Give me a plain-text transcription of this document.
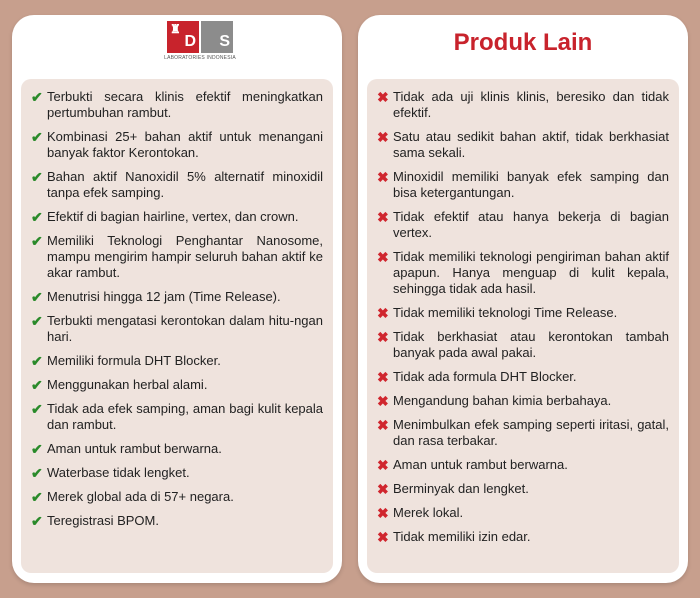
♜
D S
LABORATORIES INDONESIA
✔ Terbukti secara klinis efektif meningkatkan pertumbuhan rambut.
✔ Kombinasi 25+ bahan aktif untuk menangani banyak faktor Kerontokan.
✔ Bahan aktif Nanoxidil 5% alternatif minoxidil tanpa efek samping.
✔ Efektif di bagian hairline, vertex, dan crown.
✔ Memiliki Teknologi Penghantar Nanosome, mampu mengirim hampir seluruh bahan aktif ke akar rambut.
✔ Menutrisi hingga 12 jam (Time Release).
✔ Terbukti mengatasi kerontokan dalam hitu-ngan hari.
✔ Memiliki formula DHT Blocker.
✔ Menggunakan herbal alami.
✔ Tidak ada efek samping, aman bagi kulit kepala dan rambut.
✔ Aman untuk rambut berwarna.
✔ Waterbase tidak lengket.
✔ Merek global ada di 57+ negara.
✔ Teregistrasi BPOM.
Produk Lain
✖ Tidak ada uji klinis klinis, beresiko dan tidak efektif.
✖ Satu atau sedikit bahan aktif, tidak berkhasiat sama sekali.
✖ Minoxidil memiliki banyak efek samping dan bisa ketergantungan.
✖ Tidak efektif atau hanya bekerja di bagian vertex.
✖ Tidak memiliki teknologi pengiriman bahan aktif apapun. Hanya menguap di kulit kepala, sehingga tidak ada hasil.
✖ Tidak memiliki teknologi Time Release.
✖ Tidak berkhasiat atau kerontokan tambah banyak pada awal pakai.
✖ Tidak ada formula DHT Blocker.
✖ Mengandung bahan kimia berbahaya.
✖ Menimbulkan efek samping seperti iritasi, gatal, dan rasa terbakar.
✖ Aman untuk rambut berwarna.
✖ Berminyak dan lengket.
✖ Merek lokal.
✖ Tidak memiliki izin edar.
